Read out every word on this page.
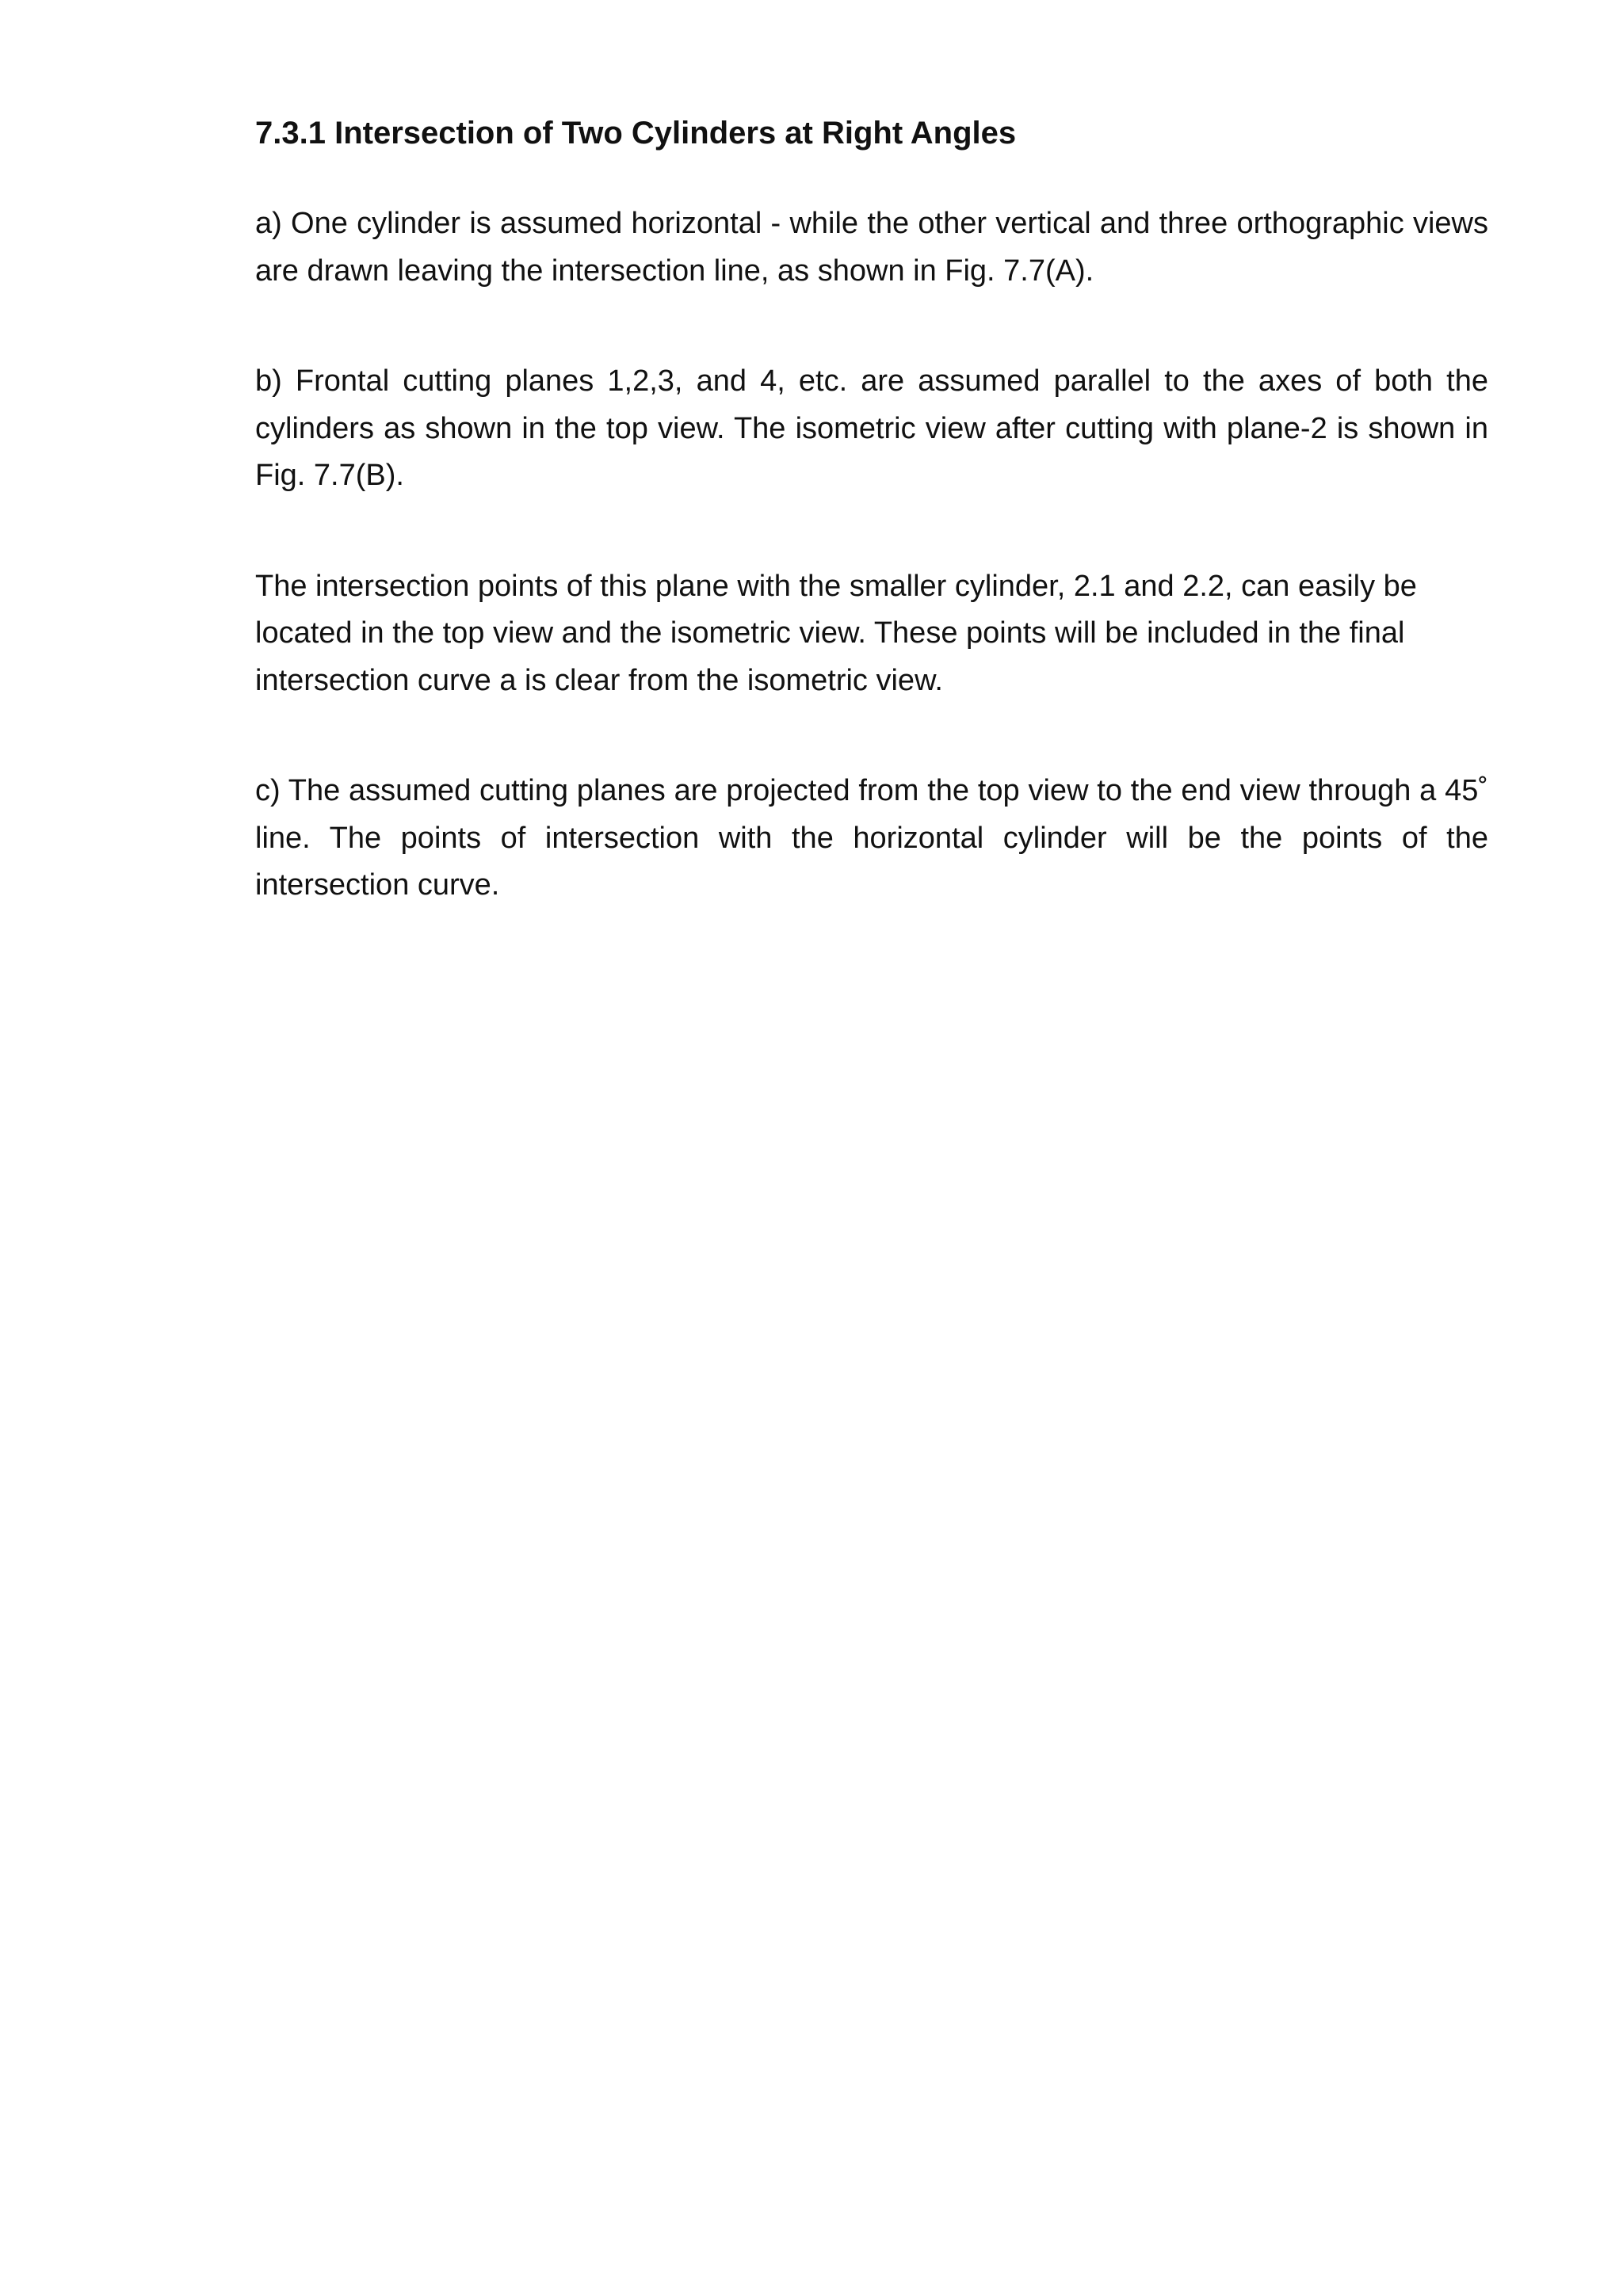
7.3.1 Intersection of Two Cylinders at Right Angles

a) One cylinder is assumed horizontal - while the other vertical and three orthographic views are drawn leaving the intersection line, as shown in Fig. 7.7(A).

b) Frontal cutting planes 1,2,3, and 4, etc. are assumed parallel to the axes of both the cylinders as shown in the top view. The isometric view after cutting with plane-2 is shown in Fig. 7.7(B).

The intersection points of this plane with the smaller cylinder, 2.1 and 2.2, can easily be located in the top view and the isometric view. These points will be included in the final intersection curve a is clear from the isometric view.

c) The assumed cutting planes are projected from the top view to the end view through a 45˚ line. The points of intersection with the horizontal cylinder will be the points of the intersection curve.
